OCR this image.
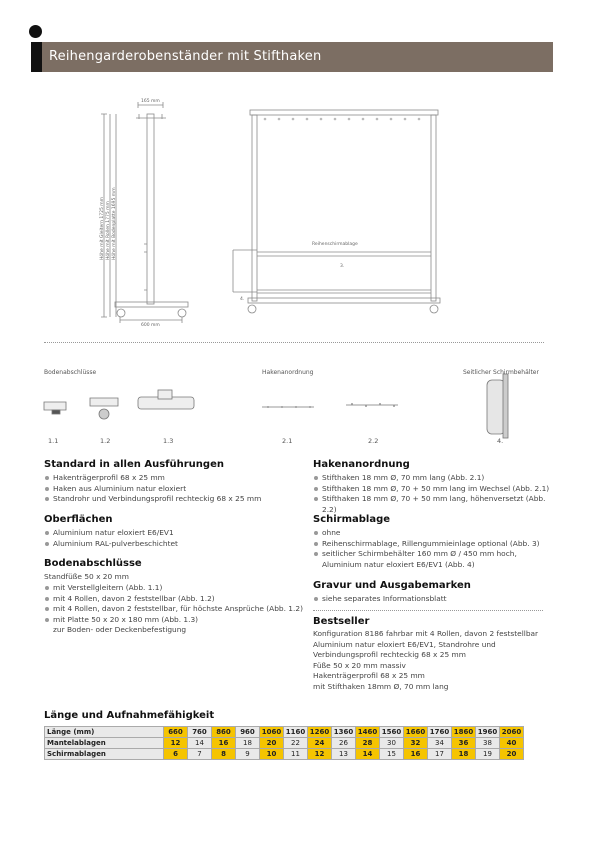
Reihengarderobenständer mit Stifthaken
165 mm
600 mm
Höhe mit Gleitern 1725 mm Höhe mit Rollen 1775 mm Höhe mit Bodenplatte 1695 mm	Reihenschirmablage
3.
4.
Bodenabschlüsse	Hakenanordnung	Seitlicher Schirmbehälter
1.1	1.2	1.3	2.1	2.2	4.
Standard in allen Ausführungen
Hakenträgerprofil 68 x 25 mm
Haken aus Aluminium natur eloxiert
Standrohr und Verbindungsprofil rechteckig 68 x 25 mm
Oberflächen
Aluminium natur eloxiert E6/EV1
Aluminium RAL-pulverbeschichtet
Bodenabschlüsse
Standfüße 50 x 20 mm
mit Verstellgleitern (Abb. 1.1)
mit 4 Rollen, davon 2 feststellbar (Abb. 1.2)
mit 4 Rollen, davon 2 feststellbar, für höchste Ansprüche (Abb. 1.2)
mit Platte 50 x 20 x 180 mm (Abb. 1.3)
zur Boden- oder Deckenbefestigung
Hakenanordnung
Stifthaken 18 mm Ø, 70 mm lang (Abb. 2.1)
Stifthaken 18 mm Ø, 70 + 50 mm lang im Wechsel (Abb. 2.1)
Stifthaken 18 mm Ø, 70 + 50 mm lang, höhenversetzt (Abb. 2.2)
Schirmablage
ohne
Reihenschirmablage, Rillengummieinlage optional (Abb. 3)
seitlicher Schirmbehälter 160 mm Ø / 450 mm hoch,
Aluminium natur eloxiert E6/EV1 (Abb. 4)
Gravur und Ausgabemarken
siehe separates Informationsblatt
Bestseller
Konfiguration 8186 fahrbar mit 4 Rollen, davon 2 feststellbar
Aluminium natur eloxiert E6/EV1, Standrohre und
Verbindungsprofil rechteckig 68 x 25 mm
Füße 50 x 20 mm massiv
Hakenträgerprofil 68 x 25 mm
mit Stifthaken 18mm Ø, 70 mm lang
Länge und Aufnahmefähigkeit
Länge (mm)	660	760	860	960	1060	1160	1260	1360	1460	1560	1660	1760	1860	1960	2060
Mantelablagen	12	14	16	18	20	22	24	26	28	30	32	34	36	38	40
Schirmablagen	6	7	8	9	10	11	12	13	14	15	16	17	18	19	20
